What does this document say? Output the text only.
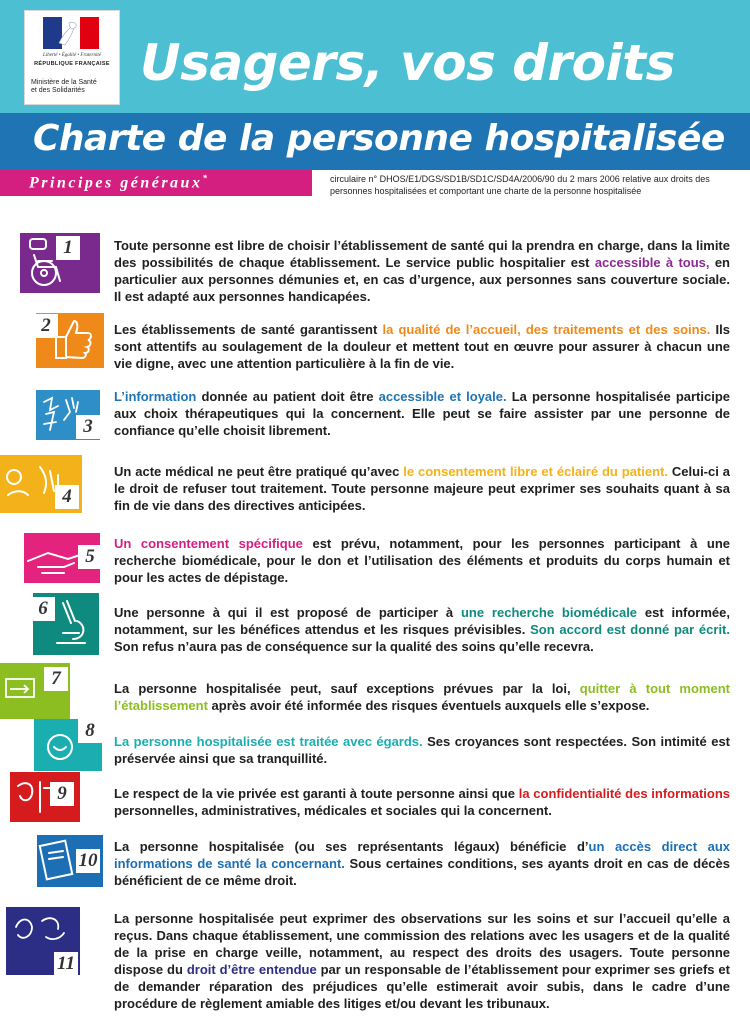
Liberté • Égalité • Fraternité
RÉPUBLIQUE FRANÇAISE
Ministère de la Santé
et des Solidarités	Usagers, vos droits
Charte de la personne hospitalisée
Principes généraux*	circulaire n° DHOS/E1/DGS/SD1B/SD1C/SD4A/2006/90 du 2 mars 2006 relative aux droits des personnes hospitalisées et comportant une charte de la personne hospitalisée
1	Toute personne est libre de choisir l’établissement de santé qui la prendra en charge, dans la limite des possibilités de chaque établissement. Le service public hospitalier est accessible à tous, en particulier aux personnes démunies et, en cas d’urgence, aux personnes sans couverture sociale. Il est adapté aux personnes handicapées.
2	Les établissements de santé garantissent la qualité de l’accueil, des traitements et des soins. Ils sont attentifs au soulagement de la douleur et mettent tout en œuvre pour assurer à chacun une vie digne, avec une attention particulière à la fin de vie.
3
L’information donnée au patient doit être accessible et loyale. La personne hospitalisée participe aux choix thérapeutiques qui la concernent. Elle peut se faire assister par une personne de confiance qu’elle choisit librement.
4
Un acte médical ne peut être pratiqué qu’avec le consentement libre et éclairé du patient. Celui-ci a le droit de refuser tout traitement. Toute personne majeure peut exprimer ses souhaits quant à sa fin de vie dans des directives anticipées.
5
Un consentement spécifique est prévu, notamment, pour les personnes participant à une recherche biomédicale, pour le don et l’utilisation des éléments et produits du corps humain et pour les actes de dépistage.
6	Une personne à qui il est proposé de participer à une recherche biomédicale est informée, notamment, sur les bénéfices attendus et les risques prévisibles. Son accord est donné par écrit. Son refus n’aura pas de conséquence sur la qualité des soins qu’elle recevra.
7	La personne hospitalisée peut, sauf exceptions prévues par la loi, quitter à tout moment l’établissement après avoir été informée des risques éventuels auxquels elle s’expose.
8
La personne hospitalisée est traitée avec égards. Ses croyances sont respectées. Son intimité est préservée ainsi que sa tranquillité.
9	Le respect de la vie privée est garanti à toute personne ainsi que la confidentialité des informations personnelles, administratives, médicales et sociales qui la concernent.
10
La personne hospitalisée (ou ses représentants légaux) bénéficie d’un accès direct aux informations de santé la concernant. Sous certaines conditions, ses ayants droit en cas de décès bénéficient de ce même droit.
11
La personne hospitalisée peut exprimer des observations sur les soins et sur l’accueil qu’elle a reçus. Dans chaque établissement, une commission des relations avec les usagers et de la qualité de la prise en charge veille, notamment, au respect des droits des usagers. Toute personne dispose du droit d’être entendue par un responsable de l’établissement pour exprimer ses griefs et de demander réparation des préjudices qu’elle estimerait avoir subis, dans le cadre d’une procédure de règlement amiable des litiges et/ou devant les tribunaux.
